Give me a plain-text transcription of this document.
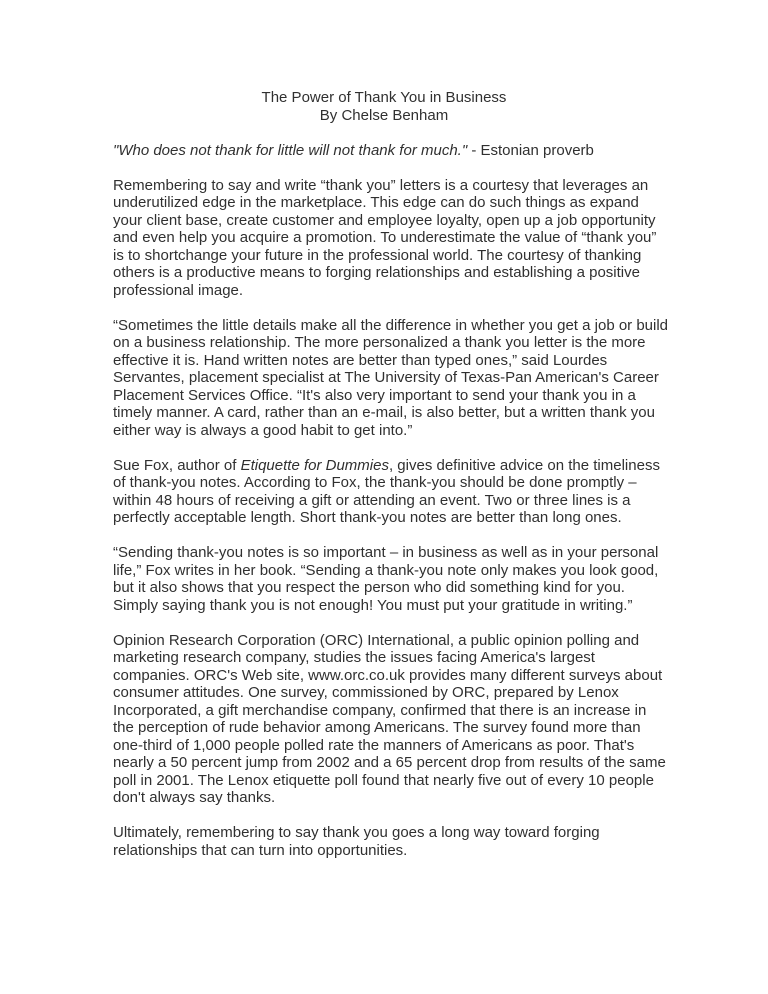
The Power of Thank You in Business
By Chelse Benham

"Who does not thank for little will not thank for much." - Estonian proverb

Remembering to say and write “thank you” letters is a courtesy that leverages an underutilized edge in the marketplace. This edge can do such things as expand your client base, create customer and employee loyalty, open up a job opportunity and even help you acquire a promotion. To underestimate the value of “thank you” is to shortchange your future in the professional world. The courtesy of thanking others is a productive means to forging relationships and establishing a positive professional image.

“Sometimes the little details make all the difference in whether you get a job or build on a business relationship. The more personalized a thank you letter is the more effective it is. Hand written notes are better than typed ones,” said Lourdes Servantes, placement specialist at The University of Texas-Pan American's Career Placement Services Office. “It's also very important to send your thank you in a timely manner. A card, rather than an e-mail, is also better, but a written thank you either way is always a good habit to get into.”

Sue Fox, author of Etiquette for Dummies, gives definitive advice on the timeliness of thank-you notes. According to Fox, the thank-you should be done promptly – within 48 hours of receiving a gift or attending an event. Two or three lines is a perfectly acceptable length. Short thank-you notes are better than long ones.

“Sending thank-you notes is so important – in business as well as in your personal life,” Fox writes in her book. “Sending a thank-you note only makes you look good, but it also shows that you respect the person who did something kind for you. Simply saying thank you is not enough! You must put your gratitude in writing.”

Opinion Research Corporation (ORC) International, a public opinion polling and marketing research company, studies the issues facing America's largest companies. ORC's Web site, www.orc.co.uk provides many different surveys about consumer attitudes. One survey, commissioned by ORC, prepared by Lenox Incorporated, a gift merchandise company, confirmed that there is an increase in the perception of rude behavior among Americans. The survey found more than one-third of 1,000 people polled rate the manners of Americans as poor. That's nearly a 50 percent jump from 2002 and a 65 percent drop from results of the same poll in 2001. The Lenox etiquette poll found that nearly five out of every 10 people don't always say thanks.

Ultimately, remembering to say thank you goes a long way toward forging relationships that can turn into opportunities.
